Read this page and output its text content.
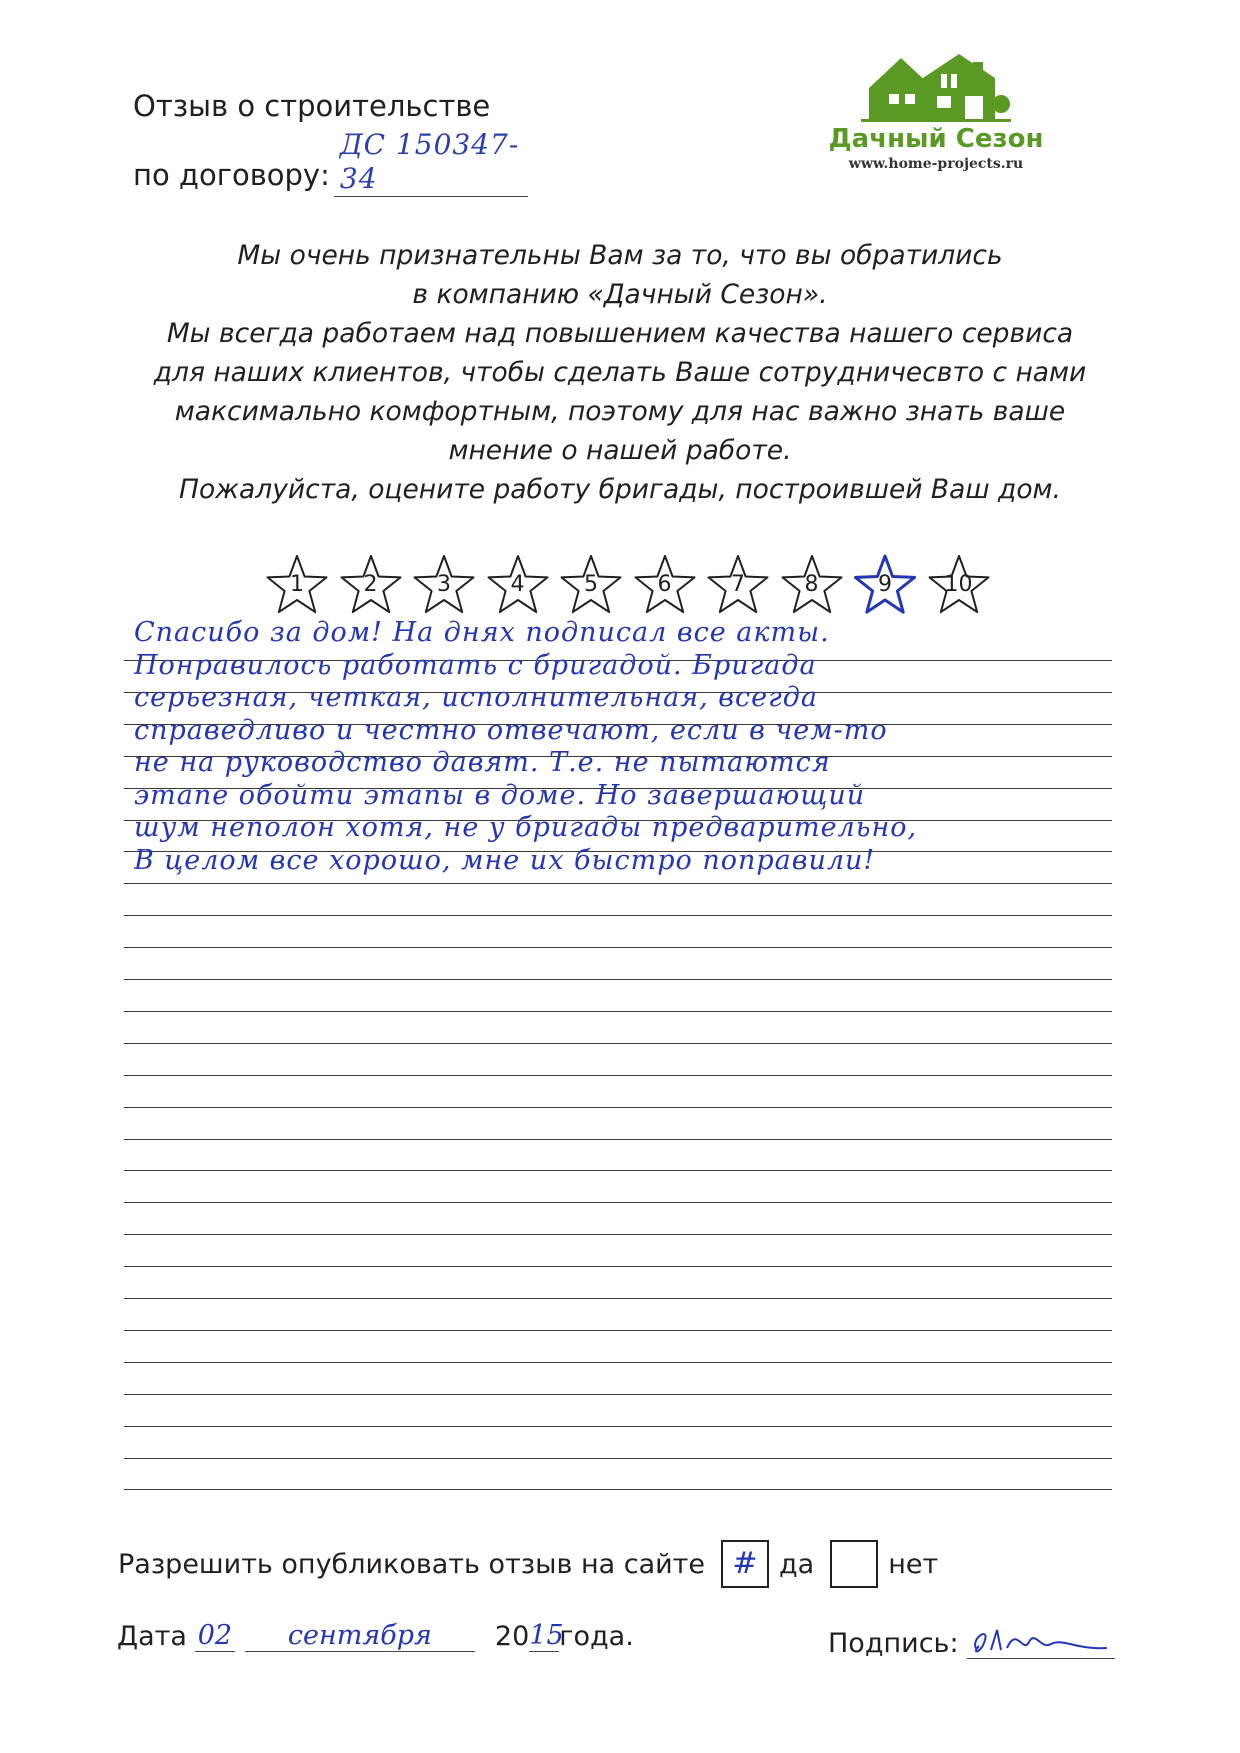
Отзыв о строительстве
по договору:
ДС 150347-34
Дачный Сезон
www.home-projects.ru
Мы очень признательны Вам за то, что вы обратились
в компанию «Дачный Сезон».
Мы всегда работаем над повышением качества нашего сервиса
для наших клиентов, чтобы сделать Ваше сотрудничесвто с нами
максимально комфортным, поэтому для нас важно знать ваше
мнение о нашей работе.
Пожалуйста, оцените работу бригады, построившей Ваш дом.
1	2	3	4	5	6	7	8	9	10
Спасибо за дом! На днях подписал все акты.
Понравилось работать с бригадой. Бригада
серьезная, четкая, исполнительная, всегда
справедливо и честно отвечают, если в чем-то
не на руководство давят. Т.е. не пытаются
этапе обойти этапы в доме. Но завершающий
шум неполон хотя, не у бригады предварительно,
В целом все хорошо, мне их быстро поправили!
Разрешить опубликовать отзыв на сайте # да	нет
Дата 02	сентября	20 15
года.	Подпись:
